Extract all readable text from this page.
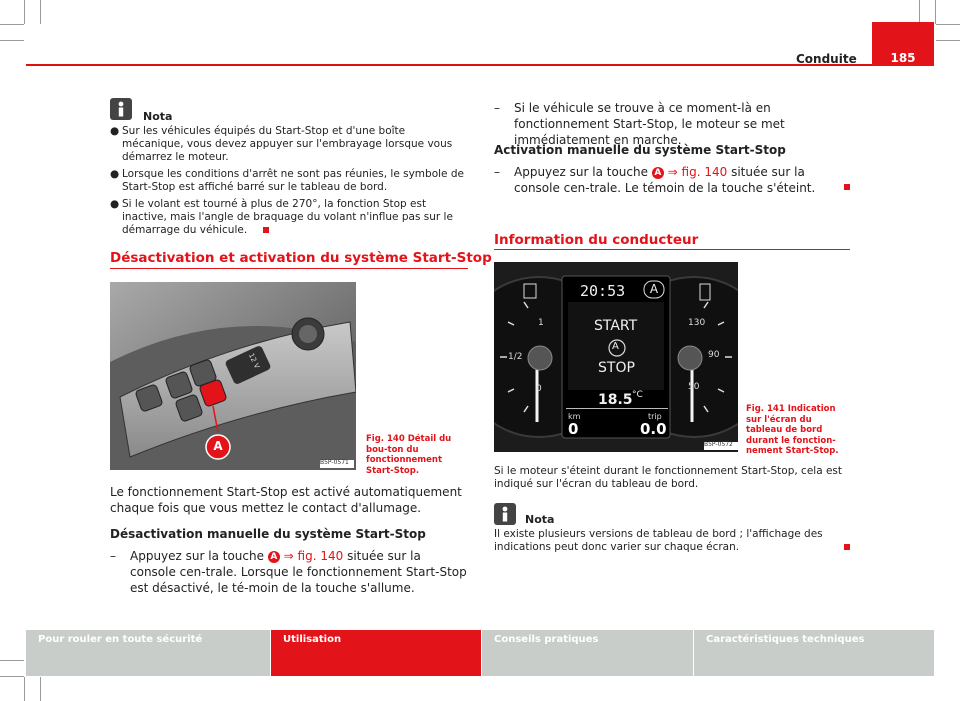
Conduite	185
Nota
● Sur les véhicules équipés du Start-Stop et d'une boîte mécanique, vous devez appuyer sur l'embrayage lorsque vous démarrez le moteur.
● Lorsque les conditions d'arrêt ne sont pas réunies, le symbole de Start-Stop est affiché barré sur le tableau de bord.
● Si le volant est tourné à plus de 270°, la fonction Stop est inactive, mais l'angle de braquage du volant n'influe pas sur le démarrage du véhicule.
Désactivation et activation du système Start-Stop
A
12 V
B5P-0571
Fig. 140 Détail du bou-ton du fonctionnement Start-Stop.
Le fonctionnement Start-Stop est activé automatiquement chaque fois que vous mettez le contact d'allumage.
Désactivation manuelle du système Start-Stop
–	Appuyez sur la touche A ⇒ fig. 140 située sur la console cen-trale. Lorsque le fonctionnement Start-Stop est désactivé, le té-moin de la touche s'allume.
–	Si le véhicule se trouve à ce moment-là en fonctionnement Start-Stop, le moteur se met immédiatement en marche.
Activation manuelle du système Start-Stop
–	Appuyez sur la touche A ⇒ fig. 140 située sur la console cen-trale. Le témoin de la touche s'éteint.
Information du conducteur
20:53	A
START
A
STOP
18.5 °C
km
0
trip
0.0
1
1/2
0
130
90
50
B5P-0572
Fig. 141 Indication sur l'écran du tableau de bord durant le fonction-nement Start-Stop.
Si le moteur s'éteint durant le fonctionnement Start-Stop, cela est indiqué sur l'écran du tableau de bord.
Nota
Il existe plusieurs versions de tableau de bord ; l'affichage des indications peut donc varier sur chaque écran.
Pour rouler en toute sécurité	Utilisation	Conseils pratiques	Caractéristiques techniques
